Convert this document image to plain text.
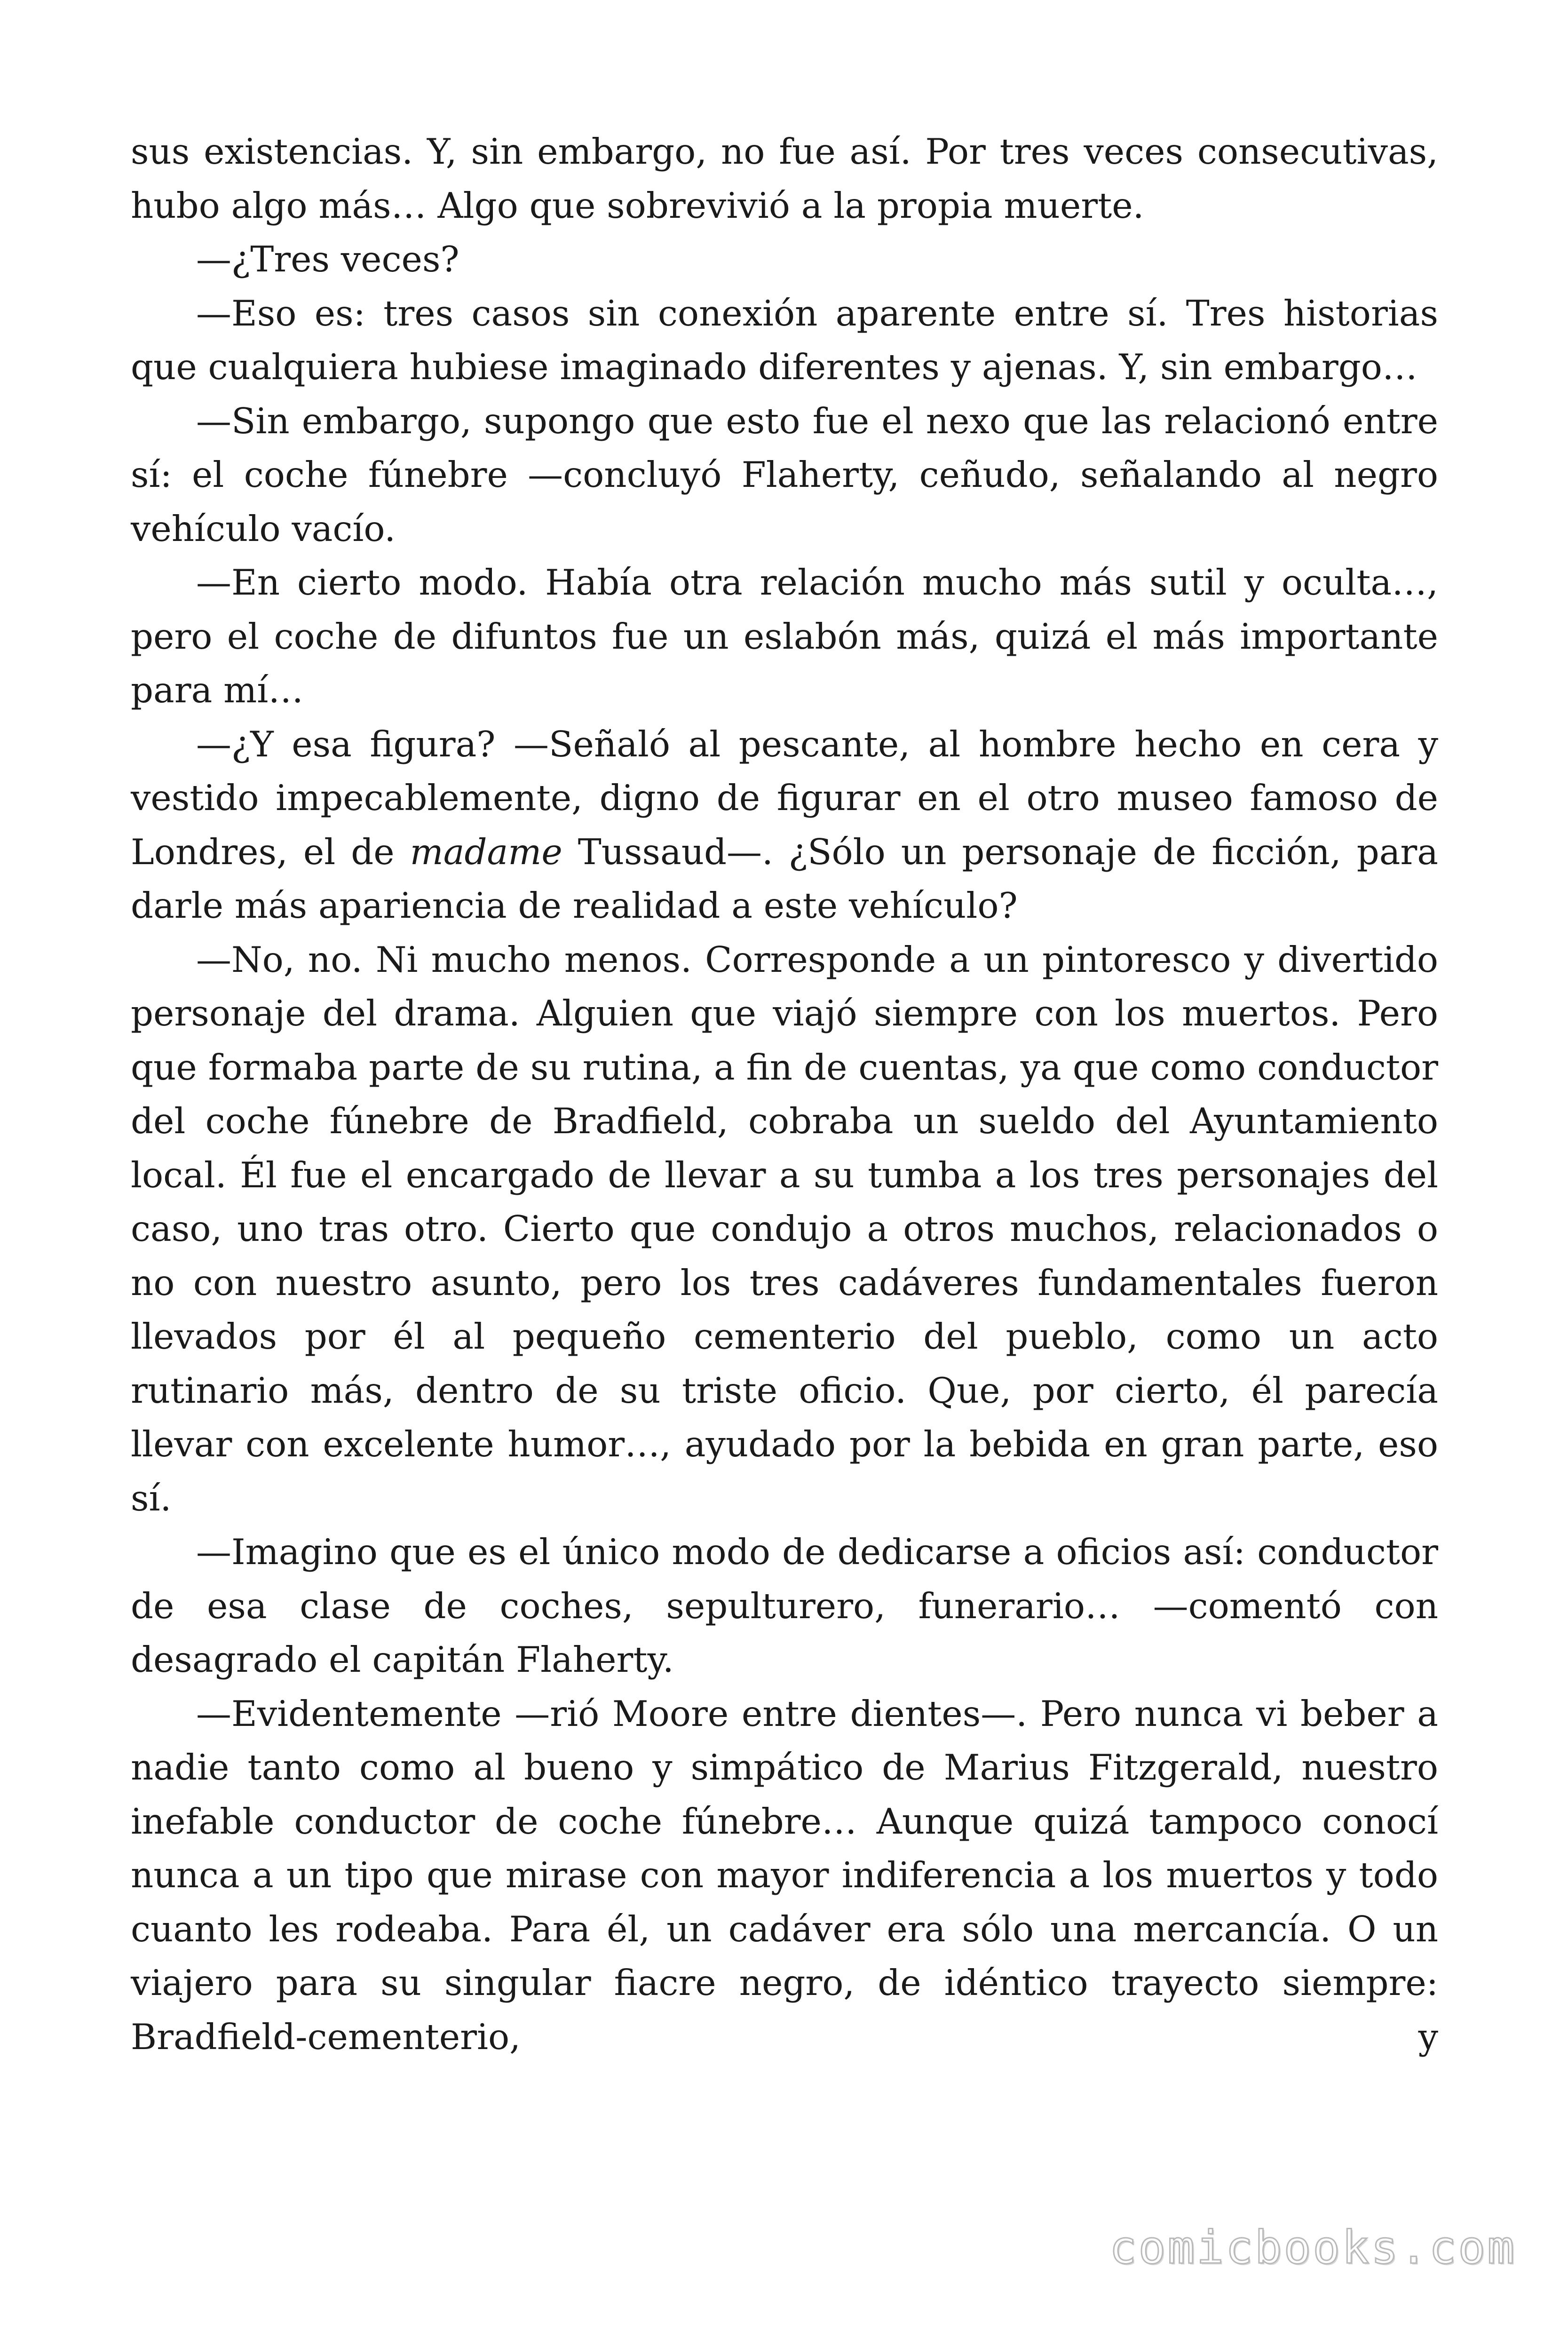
sus existencias. Y, sin embargo, no fue así. Por tres veces consecutivas, hubo algo más… Algo que sobrevivió a la propia muerte.

—¿Tres veces?

—Eso es: tres casos sin conexión aparente entre sí. Tres historias que cualquiera hubiese imaginado diferentes y ajenas. Y, sin embargo…

—Sin embargo, supongo que esto fue el nexo que las relacionó entre sí: el coche fúnebre —concluyó Flaherty, ceñudo, señalando al negro vehículo vacío.

—En cierto modo. Había otra relación mucho más sutil y oculta…, pero el coche de difuntos fue un eslabón más, quizá el más importante para mí…

—¿Y esa figura? —Señaló al pescante, al hombre hecho en cera y vestido impecablemente, digno de figurar en el otro museo famoso de Londres, el de madame Tussaud—. ¿Sólo un personaje de ficción, para darle más apariencia de realidad a este vehículo?

—No, no. Ni mucho menos. Corresponde a un pintoresco y divertido personaje del drama. Alguien que viajó siempre con los muertos. Pero que formaba parte de su rutina, a fin de cuentas, ya que como conductor del coche fúnebre de Bradfield, cobraba un sueldo del Ayuntamiento local. Él fue el encargado de llevar a su tumba a los tres personajes del caso, uno tras otro. Cierto que condujo a otros muchos, relacionados o no con nuestro asunto, pero los tres cadáveres fundamentales fueron llevados por él al pequeño cementerio del pueblo, como un acto rutinario más, dentro de su triste oficio. Que, por cierto, él parecía llevar con excelente humor…, ayudado por la bebida en gran parte, eso sí.

—Imagino que es el único modo de dedicarse a oficios así: conductor de esa clase de coches, sepulturero, funerario… —comentó con desagrado el capitán Flaherty.

—Evidentemente —rió Moore entre dientes—. Pero nunca vi beber a nadie tanto como al bueno y simpático de Marius Fitzgerald, nuestro inefable conductor de coche fúnebre… Aunque quizá tampoco conocí nunca a un tipo que mirase con mayor indiferencia a los muertos y todo cuanto les rodeaba. Para él, un cadáver era sólo una mercancía. O un viajero para su singular fiacre negro, de idéntico trayecto siempre: Bradfield-cementerio, y

comicbooks.com
